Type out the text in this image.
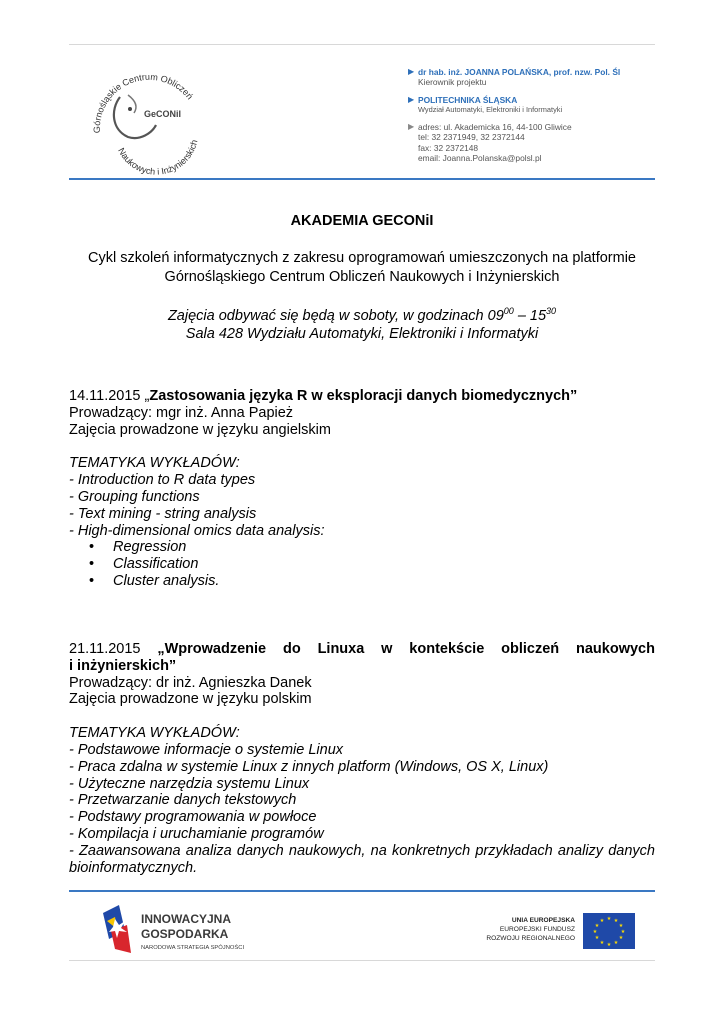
Górnośląskie Centrum Obliczeń
Naukowych i Inżynierskich
GeCONiI
▶ dr hab. inż. JOANNA POLAŃSKA, prof. nzw. Pol. Śl
Kierownik projektu
▶ POLITECHNIKA ŚLĄSKA
Wydział Automatyki, Elektroniki i Informatyki
▶ adres: ul. Akademicka 16, 44-100 Gliwice
tel: 32 2371949, 32 2372144
fax: 32 2372148
email: Joanna.Polanska@polsl.pl
AKADEMIA GECONiI
Cykl szkoleń informatycznych z zakresu oprogramowań umieszczonych na platformie
Górnośląskiego Centrum Obliczeń Naukowych i Inżynierskich
Zajęcia odbywać się będą w soboty, w godzinach $09^{00} - 15^{30}$
Sala 428 Wydziału Automatyki, Elektroniki i Informatyki
14.11.2015 „Zastosowania języka R w eksploracji danych biomedycznych”
Prowadzący: mgr inż. Anna Papież
Zajęcia prowadzone w języku angielskim
TEMATYKA WYKŁADÓW:
- Introduction to R data types
- Grouping functions
- Text mining - string analysis
- High-dimensional omics data analysis:
• Regression
• Classification
• Cluster analysis.
21.11.2015 „Wprowadzenie do Linuxa w kontekście obliczeń naukowych
i inżynierskich”
Prowadzący: dr inż. Agnieszka Danek
Zajęcia prowadzone w języku polskim
TEMATYKA WYKŁADÓW:
- Podstawowe informacje o systemie Linux
- Praca zdalna w systemie Linux z innych platform (Windows, OS X, Linux)
- Użyteczne narzędzia systemu Linux
- Przetwarzanie danych tekstowych
- Podstawy programowania w powłoce
- Kompilacja i uruchamianie programów
- Zaawansowana analiza danych naukowych, na konkretnych przykładach analizy danych
bioinformatycznych.
INNOWACYJNA
GOSPODARKA
NARODOWA STRATEGIA SPÓJNOŚCI
UNIA EUROPEJSKA
EUROPEJSKI FUNDUSZ
ROZWOJU REGIONALNEGO
★ ★
★
★
★
★
★
★
★
★
★
★
